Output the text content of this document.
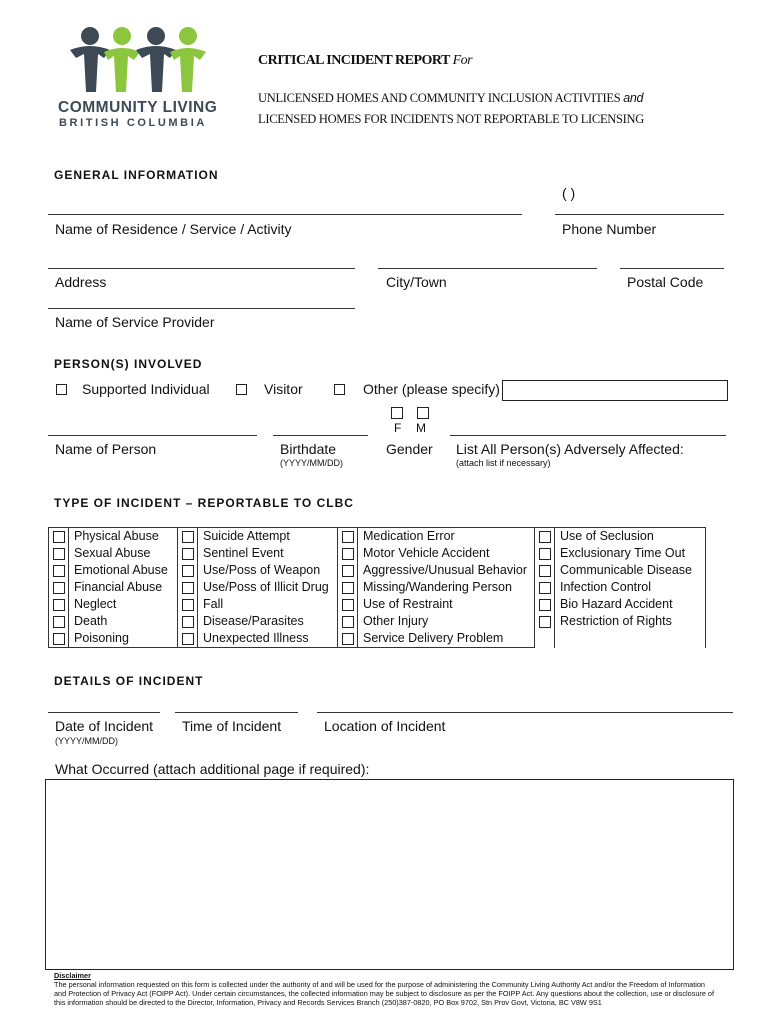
COMMUNITY LIVING
BRITISH COLUMBIA
CRITICAL INCIDENT REPORT For
UNLICENSED HOMES AND COMMUNITY INCLUSION ACTIVITIES and
LICENSED HOMES FOR INCIDENTS NOT REPORTABLE TO LICENSING
GENERAL INFORMATION
( )
Name of Residence / Service / Activity	Phone Number
Address	City/Town	Postal Code
Name of Service Provider
PERSON(S) INVOLVED
Supported Individual	Visitor	Other (please specify)
F M
Name of Person	Birthdate	Gender List All Person(s) Adversely Affected:
(YYYY/MM/DD)	(attach list if necessary)
TYPE OF INCIDENT – REPORTABLE TO CLBC

Physical Abuse
Sexual Abuse
Emotional Abuse
Financial Abuse
Neglect
Death
Poisoning

Suicide Attempt
Sentinel Event
Use/Poss of Weapon
Use/Poss of Illicit Drug
Fall
Disease/Parasites
Unexpected Illness

Medication Error
Motor Vehicle Accident
Aggressive/Unusual Behavior
Missing/Wandering Person
Use of Restraint
Other Injury
Service Delivery Problem

Use of Seclusion
Exclusionary Time Out
Communicable Disease
Infection Control
Bio Hazard Accident
Restriction of Rights
DETAILS OF INCIDENT
Date of Incident Time of Incident	Location of Incident
(YYYY/MM/DD)
What Occurred (attach additional page if required):
Disclaimer
The personal information requested on this form is collected under the authority of and will be used for the purpose of administering the Community Living Authority Act and/or the Freedom of Information and Protection of Privacy Act (FOIPP Act). Under certain circumstances, the collected information may be subject to disclosure as per the FOIPP Act. Any questions about the collection, use or disclosure of this information should be directed to the Director, Information, Privacy and Records Services Branch (250)387-0820, PO Box 9702, Stn Prov Govt, Victoria, BC V8W 9S1
